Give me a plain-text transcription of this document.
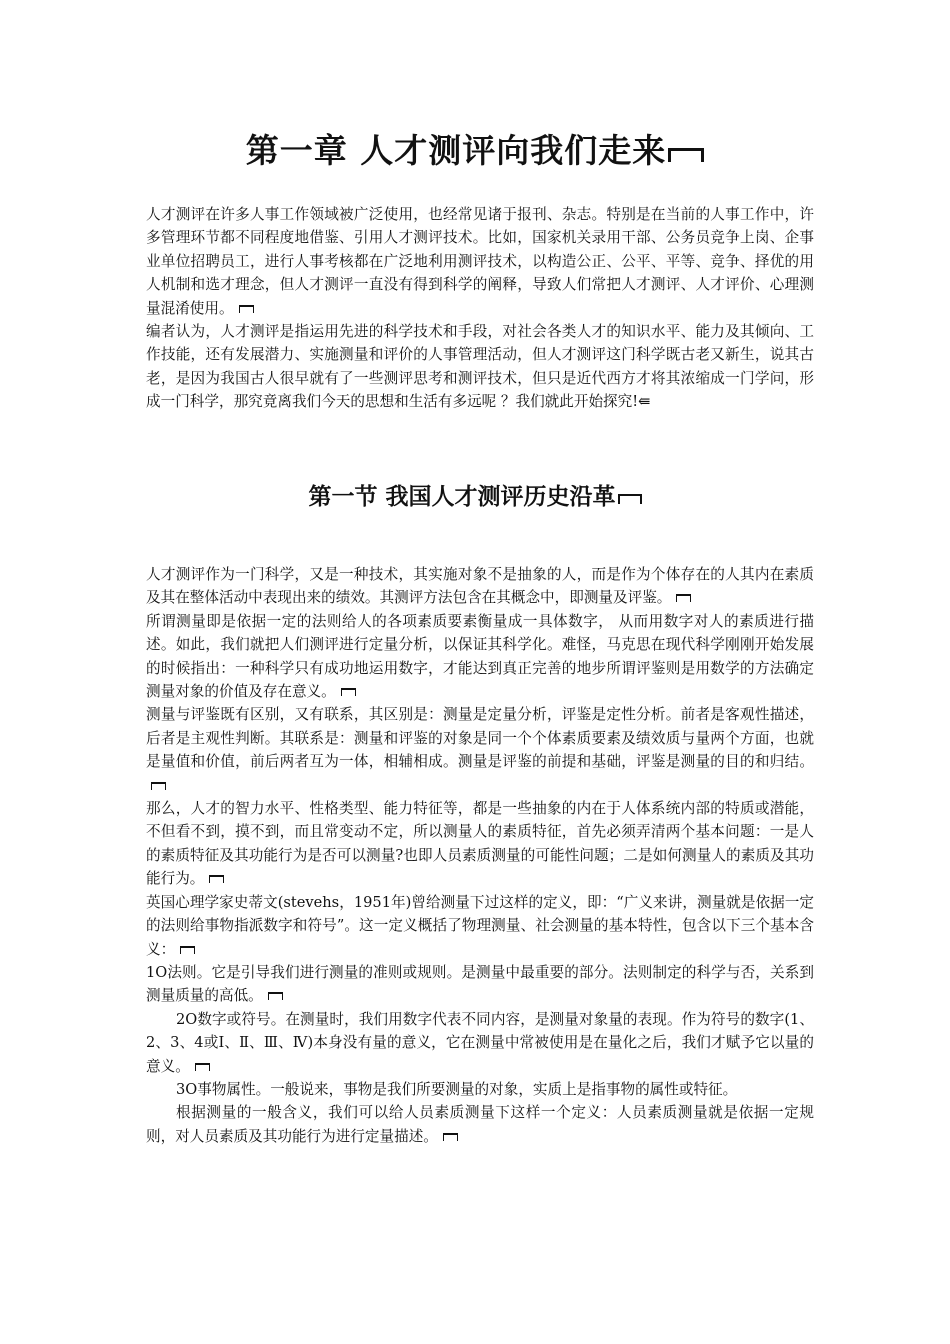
第一章 人才测评向我们走来

人才测评在许多人事工作领域被广泛使用，也经常见诸于报刊、杂志。特别是在当前的人事工作中，许多管理环节都不同程度地借鉴、引用人才测评技术。比如，国家机关录用干部、公务员竞争上岗、企事业单位招聘员工，进行人事考核都在广泛地利用测评技术，以构造公正、公平、平等、竞争、择优的用人机制和选才理念，但人才测评一直没有得到科学的阐释，导致人们常把人才测评、人才评价、心理测量混淆使用。

编者认为，人才测评是指运用先进的科学技术和手段，对社会各类人才的知识水平、能力及其倾向、工作技能，还有发展潜力、实施测量和评价的人事管理活动，但人才测评这门科学既古老又新生，说其古老，是因为我国古人很早就有了一些测评思考和测评技术，但只是近代西方才将其浓缩成一门学问，形成一门科学，那究竟离我们今天的思想和生活有多远呢 ？我们就此开始探究!⇚

第一节 我国人才测评历史沿革

人才测评作为一门科学，又是一种技术，其实施对象不是抽象的人，而是作为个体存在的人其内在素质及其在整体活动中表现出来的绩效。其测评方法包含在其概念中，即测量及评鉴。

所谓测量即是依据一定的法则给人的各项素质要素衡量成一具体数字， 从而用数字对人的素质进行描述。如此，我们就把人们测评进行定量分析，以保证其科学化。难怪，马克思在现代科学刚刚开始发展的时候指出：一种科学只有成功地运用数字，才能达到真正完善的地步所谓评鉴则是用数学的方法确定测量对象的价值及存在意义。

测量与评鉴既有区别，又有联系，其区别是：测量是定量分析，评鉴是定性分析。前者是客观性描述，后者是主观性判断。其联系是：测量和评鉴的对象是同一个个体素质要素及绩效质与量两个方面，也就是量值和价值，前后两者互为一体，相辅相成。测量是评鉴的前提和基础，评鉴是测量的目的和归结。

那么，人才的智力水平、性格类型、能力特征等，都是一些抽象的内在于人体系统内部的特质或潜能，不但看不到，摸不到，而且常变动不定，所以测量人的素质特征，首先必须弄清两个基本问题：一是人的素质特征及其功能行为是否可以测量?也即人员素质测量的可能性问题；二是如何测量人的素质及其功能行为。

英国心理学家史蒂文(stevehs，1951年)曾给测量下过这样的定义，即：“广义来讲，测量就是依据一定的法则给事物指派数字和符号”。这一定义概括了物理测量、社会测量的基本特性，包含以下三个基本含义：

1О法则。它是引导我们进行测量的准则或规则。是测量中最重要的部分。法则制定的科学与否，关系到测量质量的高低。

2О数字或符号。在测量时，我们用数字代表不同内容，是测量对象量的表现。作为符号的数字(1、2、3、4或Ⅰ、Ⅱ、Ⅲ、Ⅳ)本身没有量的意义，它在测量中常被使用是在量化之后，我们才赋予它以量的意义。

3О事物属性。一般说来，事物是我们所要测量的对象，实质上是指事物的属性或特征。

根据测量的一般含义，我们可以给人员素质测量下这样一个定义：人员素质测量就是依据一定规则，对人员素质及其功能行为进行定量描述。
